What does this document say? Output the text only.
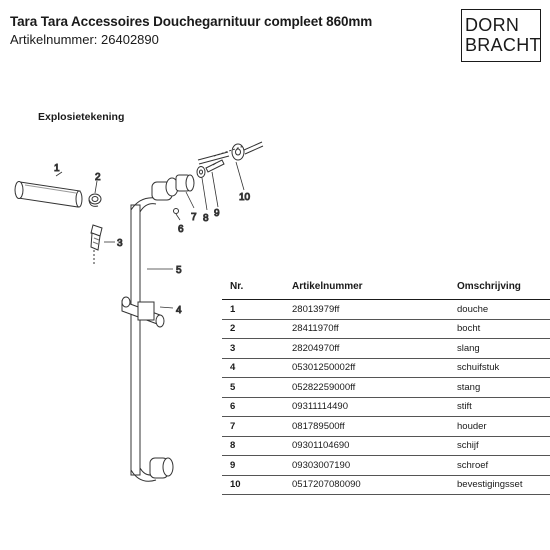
Tara Tara Accessoires Douchegarnituur compleet 860mm
Artikelnummer: 26402890
DORN
BRACHT
Explosietekening
1
2
3
4
5
6
7 8 9
10
Nr.	Artikelnummer	Omschrijving
1	28013979ff	douche
2	28411970ff	bocht
3	28204970ff	slang
4	05301250002ff	schuifstuk
5	05282259000ff	stang
6	09311114490	stift
7	081789500ff	houder
8	09301104690	schijf
9	09303007190	schroef
10	0517207080090	bevestigingsset
